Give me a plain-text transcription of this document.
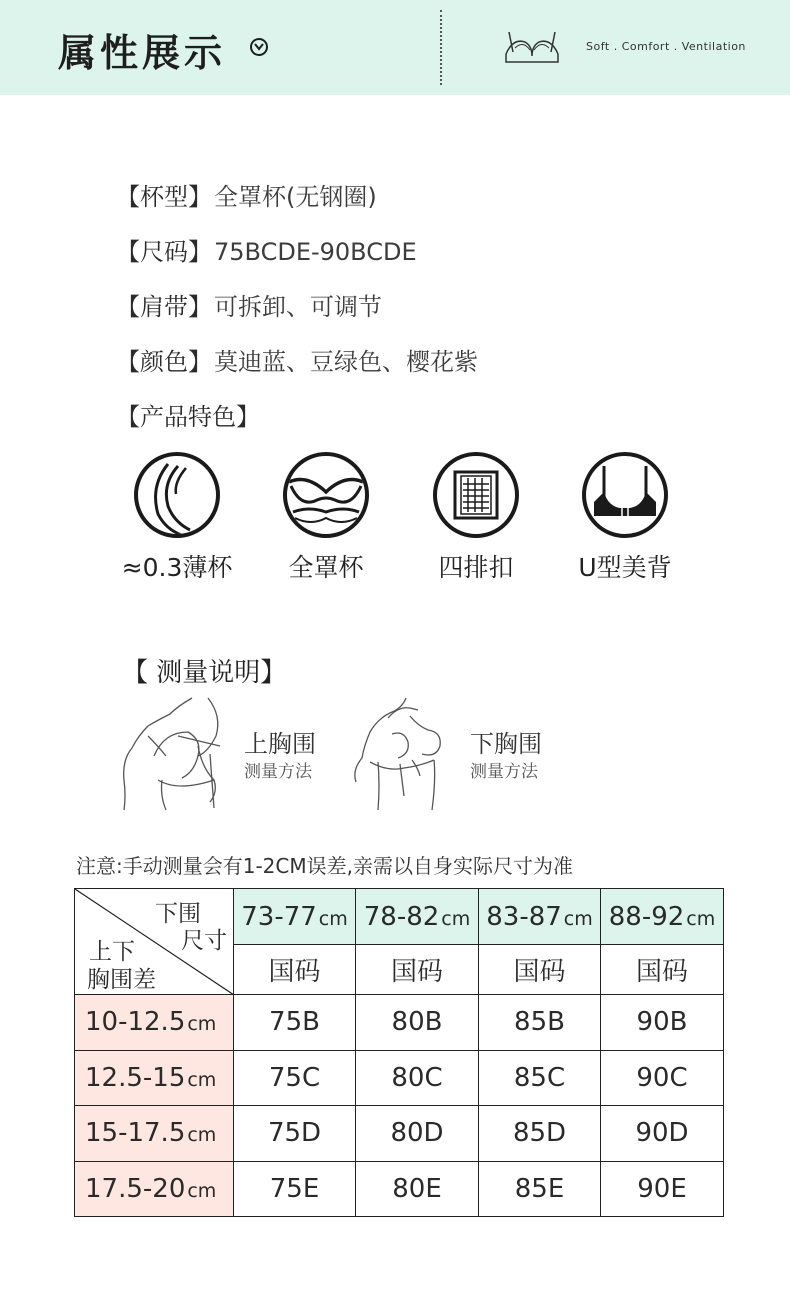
属性展示	Soft . Comfort . Ventilation
【杯型】全罩杯(无钢圈)
【尺码】75BCDE-90BCDE
【肩带】可拆卸、可调节
【颜色】莫迪蓝、豆绿色、樱花紫
【产品特色】
≈0.3薄杯	全罩杯	四排扣	U型美背
【 测量说明】
上胸围
测量方法
下胸围
测量方法
注意:手动测量会有1-2CM误差,亲需以自身实际尺寸为准
下围
尺寸
上下
胸围差	73-77 cm	78-82 cm	83-87 cm	88-92 cm
	国码	国码	国码	国码
10-12.5 cm	75B	80B	85B	90B
12.5-15 cm	75C	80C	85C	90C
15-17.5 cm	75D	80D	85D	90D
17.5-20 cm	75E	80E	85E	90E
